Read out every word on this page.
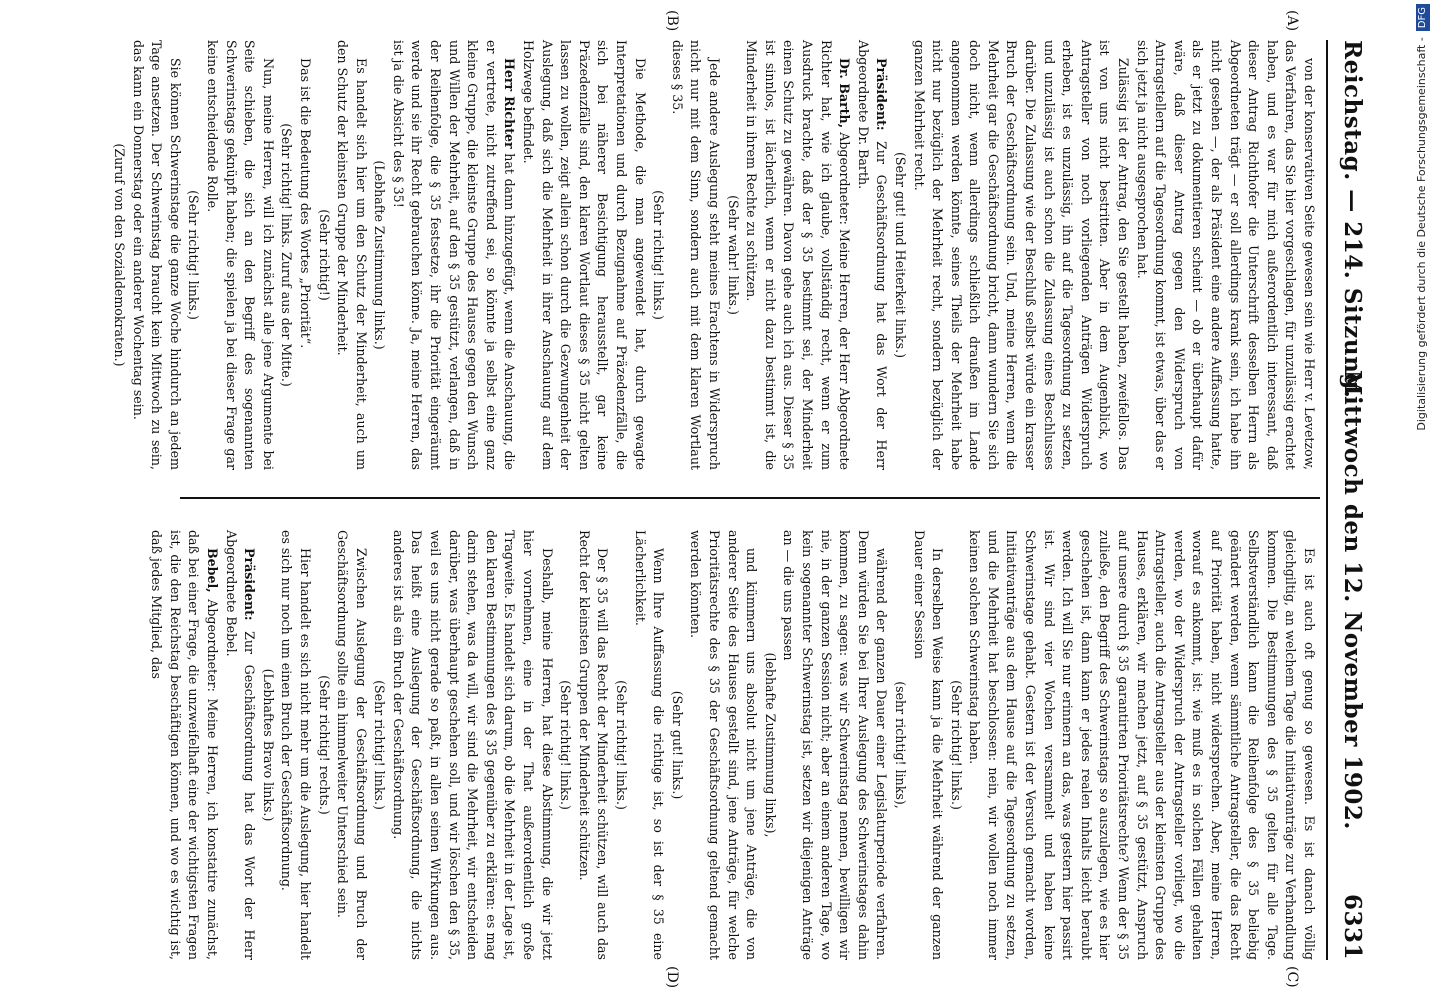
Reichstag. — 214. Sitzung.
Mittwoch den 12. November 1902.
6331

von der konservativen Seite gewesen sein wie Herr v. Levetzow, das Verfahren, das Sie hier vorgeschlagen, für unzulässig erachtet haben, und es war für mich außerordentlich interessant, daß dieser Antrag Richthofer die Unterschrift desselben Herrn als Abgeordneten trägt — er soll allerdings krank sein, ich habe ihn nicht gesehen —, der als Präsident eine andere Auffassung hatte, als er jetzt zu dokumentieren scheint — ob er überhaupt dafür wäre, daß dieser Antrag gegen den Widerspruch von Antragstellern auf die Tagesordnung kommt, ist etwas, über das er sich jetzt ja nicht ausgesprochen hat.

Zulässig ist der Antrag, den Sie gestellt haben, zweifellos. Das ist von uns nicht bestritten. Aber in dem Augenblick, wo Antragsteller von noch vorliegenden Anträgen Widerspruch erheben, ist es unzulässig, ihn auf die Tagesordnung zu setzen, und unzulässig ist auch schon die Zulassung eines Beschlusses darüber. Die Zulassung wie der Beschluß selbst würde ein krasser Bruch der Geschäftsordnung sein. Und, meine Herren, wenn die Mehrheit gar die Geschäftsordnung bricht, dann wundern Sie sich doch nicht, wenn allerdings schließlich draußen im Lande angenommen werden könnte, seines Theils der Mehrheit habe nicht nur bezüglich der Mehrheit recht, sondern bezüglich der ganzen Mehrheit recht.

(Sehr gut! und Heiterkeit links.)

Präsident: Zur Geschäftsordnung hat das Wort der Herr Abgeordnete Dr. Barth.

Dr. Barth, Abgeordneter: Meine Herren, der Herr Abgeordnete Richter hat, wie ich glaube, vollständig recht, wenn er zum Ausdruck brachte, daß der § 35 bestimmt sei, der Minderheit einen Schutz zu gewähren. Davon gehe auch ich aus. Dieser § 35 ist sinnlos, ist lächerlich, wenn er nicht dazu bestimmt ist, die Minderheit in ihrem Rechte zu schützen.

(Sehr wahr! links.)

Jede andere Auslegung steht meines Erachtens in Widerspruch nicht nur mit dem Sinn, sondern auch mit dem klaren Wortlaut dieses § 35.

(Sehr richtig! links.)

Die Methode, die man angewendet hat, durch gewagte Interpretationen und durch Bezugnahme auf Präzedenzfälle, die sich bei näherer Besichtigung herausstellt, gar keine Präzedenzfälle sind, den klaren Wortlaut dieses § 35 nicht gelten lassen zu wollen, zeigt allein schon durch die Gezwungenheit der Auslegung, daß sich die Mehrheit in ihrer Anschauung auf dem Holzwege befindet.

Herr Richter hat dann hinzugefügt, wenn die Anschauung, die er vertrete, nicht zutreffend sei, so könnte ja selbst eine ganz kleine Gruppe, die kleinste Gruppe des Hauses gegen den Wunsch und Willen der Mehrheit, auf den § 35 gestützt, verlangen, daß in der Reihenfolge, die § 35 festsetze, ihr die Priorität eingeräumt werde und sie ihr Recht gebrauchen könne. Ja, meine Herren, das ist ja die Absicht des § 35!

(Lebhafte Zustimmung links.)

Es handelt sich hier um den Schutz der Minderheit, auch um den Schutz der kleinsten Gruppe der Minderheit.

(Sehr richtig!)

Das ist die Bedeutung des Wortes „Priorität“.

(Sehr richtig! links. Zuruf aus der Mitte.)

Nun, meine Herren, will ich zunächst alle jene Argumente bei Seite schieben, die sich an den Begriff des sogenannten Schwerinstags geknüpft haben; die spielen ja bei dieser Frage gar keine entscheidende Rolle.

(Sehr richtig! links.)

Sie können Schwerinstage die ganze Woche hindurch an jedem Tage ansetzen. Der Schwerinstag braucht kein Mittwoch zu sein, das kann ein Donnerstag oder ein anderer Wochentag sein.

(Zuruf von den Sozialdemokraten.)

Es ist auch oft genug so gewesen. Es ist danach völlig gleichgiltig, an welchem Tage die Initiativanträge zur Verhandlung kommen. Die Bestimmungen des § 35 gelten für alle Tage. Selbstverständlich kann die Reihenfolge des § 35 beliebig geändert werden, wenn sämmtliche Antragsteller, die das Recht auf Priorität haben, nicht widersprechen. Aber, meine Herren, worauf es ankommt, ist: wie muß es in solchen Fällen gehalten werden, wo der Widerspruch der Antragsteller vorliegt, wo die Antragsteller, auch die Antragsteller aus der kleinsten Gruppe des Hauses, erklären, wir machen jetzt, auf § 35 gestützt, Anspruch auf unsere durch § 35 garantirten Prioritätsrechte? Wenn der § 35 zuließe, den Begriff des Schwerinstags so auszulegen, wie es hier geschehen ist, dann kann er jedes realen Inhalts leicht beraubt werden. Ich will Sie nur erinnern an das, was gestern hier passirt ist. Wir sind vier Wochen versammelt und haben keine Schwerinstage gehabt. Gestern ist der Versuch gemacht worden, Initiativanträge aus dem Hause auf die Tagesordnung zu setzen, und die Mehrheit hat beschlossen: nein, wir wollen noch immer keinen solchen Schwerinstag haben.

(Sehr richtig! links.)

In derselben Weise kann ja die Mehrheit während der ganzen Dauer einer Session

(sehr richtig! links),

während der ganzen Dauer einer Legislaturperiode verfahren. Denn würden Sie bei Ihrer Auslegung des Schwerinstages dahin kommen, zu sagen: was wir Schwerinstag nennen, bewilligen wir nie, in der ganzen Session nicht; aber an einem anderen Tage, wo kein sogenannter Schwerinstag ist, setzen wir diejenigen Anträge an — die uns passen

(lebhafte Zustimmung links),

und kümmern uns absolut nicht um jene Anträge, die von anderer Seite des Hauses gestellt sind, jene Anträge, für welche Prioritätsrechte des § 35 der Geschäftsordnung geltend gemacht werden könnten.

(Sehr gut! links.)

Wenn Ihre Auffassung die richtige ist, so ist der § 35 eine Lächerlichkeit.

(Sehr richtig! links.)

Der § 35 will das Recht der Minderheit schützen, will auch das Recht der kleinsten Gruppen der Minderheit schützen.

(Sehr richtig! links.)

Deshalb, meine Herren, hat diese Abstimmung, die wir jetzt hier vornehmen, eine in der That außerordentlich große Tragweite. Es handelt sich darum, ob die Mehrheit in der Lage ist, den klaren Bestimmungen des § 35 gegenüber zu erklären: es mag darin stehen, was da will, wir sind die Mehrheit, wir entscheiden darüber, was überhaupt geschehen soll, und wir löschen den § 35, weil es uns nicht gerade so paßt, in allen seinen Wirkungen aus. Das heißt eine Auslegung der Geschäftsordnung, die nichts anderes ist als ein Bruch der Geschäftsordnung.

(Sehr richtig! links.)

Zwischen Auslegung der Geschäftsordnung und Bruch der Geschäftsordnung sollte ein himmelweiter Unterschied sein.

(Sehr richtig! rechts.)

Hier handelt es sich nicht mehr um die Auslegung, hier handelt es sich nur noch um einen Bruch der Geschäftsordnung.

(Lebhaftes Bravo links.)

Präsident: Zur Geschäftsordnung hat das Wort der Herr Abgeordnete Bebel.

Bebel, Abgeordneter: Meine Herren, ich konstatire zunächst, daß bei einer Frage, die unzweifelhaft eine der wichtigsten Fragen ist, die den Reichstag beschäftigen können, und wo es wichtig ist, daß jedes Mitglied, das

(A)
(B)
(C)
(D)
Digitalisierung gefördert durch die Deutsche Forschungsgemeinschaft -DFG
